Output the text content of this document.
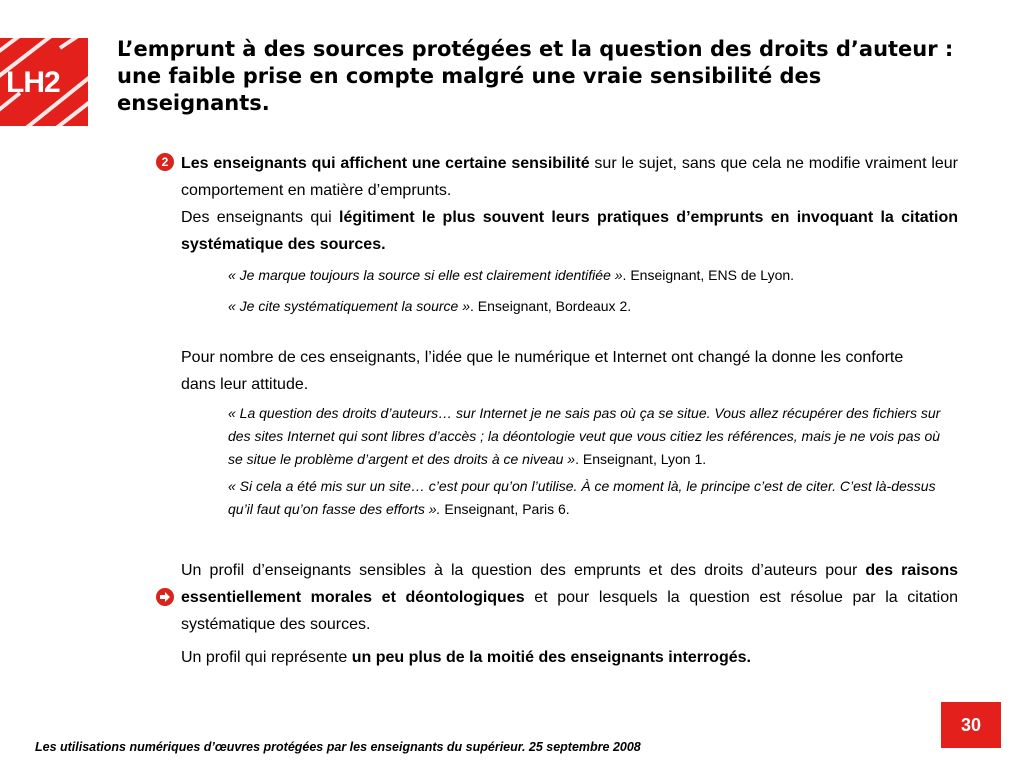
LH2
L’emprunt à des sources protégées et la question des droits d’auteur : une faible prise en compte malgré une vraie sensibilité des enseignants.
2 Les enseignants qui affichent une certaine sensibilité sur le sujet, sans que cela ne modifie vraiment leur comportement en matière d’emprunts.

Des enseignants qui légitiment le plus souvent leurs pratiques d’emprunts en invoquant la citation systématique des sources.

« Je marque toujours la source si elle est clairement identifiée ». Enseignant, ENS de Lyon.
« Je cite systématiquement la source ». Enseignant, Bordeaux 2.

Pour nombre de ces enseignants, l’idée que le numérique et Internet ont changé la donne les conforte dans leur attitude.

« La question des droits d’auteurs… sur Internet je ne sais pas où ça se situe. Vous allez récupérer des fichiers sur des sites Internet qui sont libres d’accès ; la déontologie veut que vous citiez les références, mais je ne vois pas où se situe le problème d’argent et des droits à ce niveau ». Enseignant, Lyon 1.
« Si cela a été mis sur un site… c’est pour qu’on l’utilise. À ce moment là, le principe c’est de citer. C’est là-dessus qu’il faut qu’on fasse des efforts ». Enseignant, Paris 6.

Un profil d’enseignants sensibles à la question des emprunts et des droits d’auteurs pour des raisons essentiellement morales et déontologiques et pour lesquels la question est résolue par la citation systématique des sources.

Un profil qui représente un peu plus de la moitié des enseignants interrogés.

Les utilisations numériques d’œuvres protégées par les enseignants du supérieur. 25 septembre 2008
30
